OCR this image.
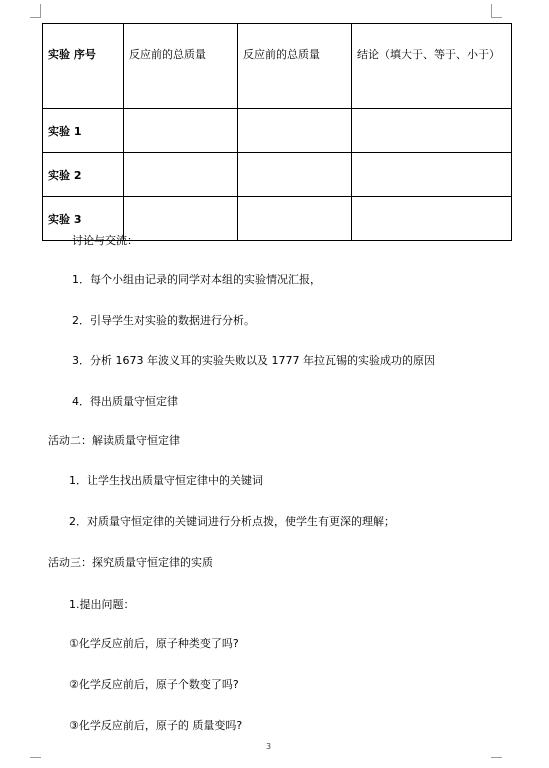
实验 序号	反应前的总质量	反应前的总质量	结论（填大于、等于、小于）
实验 1			
实验 2			
实验 3			
讨论与交流：
1．每个小组由记录的同学对本组的实验情况汇报，
2．引导学生对实验的数据进行分析。
3．分析 1673 年波义耳的实验失败以及 1777 年拉瓦锡的实验成功的原因
4．得出质量守恒定律
活动二：解读质量守恒定律
1．让学生找出质量守恒定律中的关键词
2．对质量守恒定律的关键词进行分析点拨，使学生有更深的理解；
活动三：探究质量守恒定律的实质
1.提出问题：
①化学反应前后，原子种类变了吗?
②化学反应前后，原子个数变了吗?
③化学反应前后，原子的 质量变吗?
3
